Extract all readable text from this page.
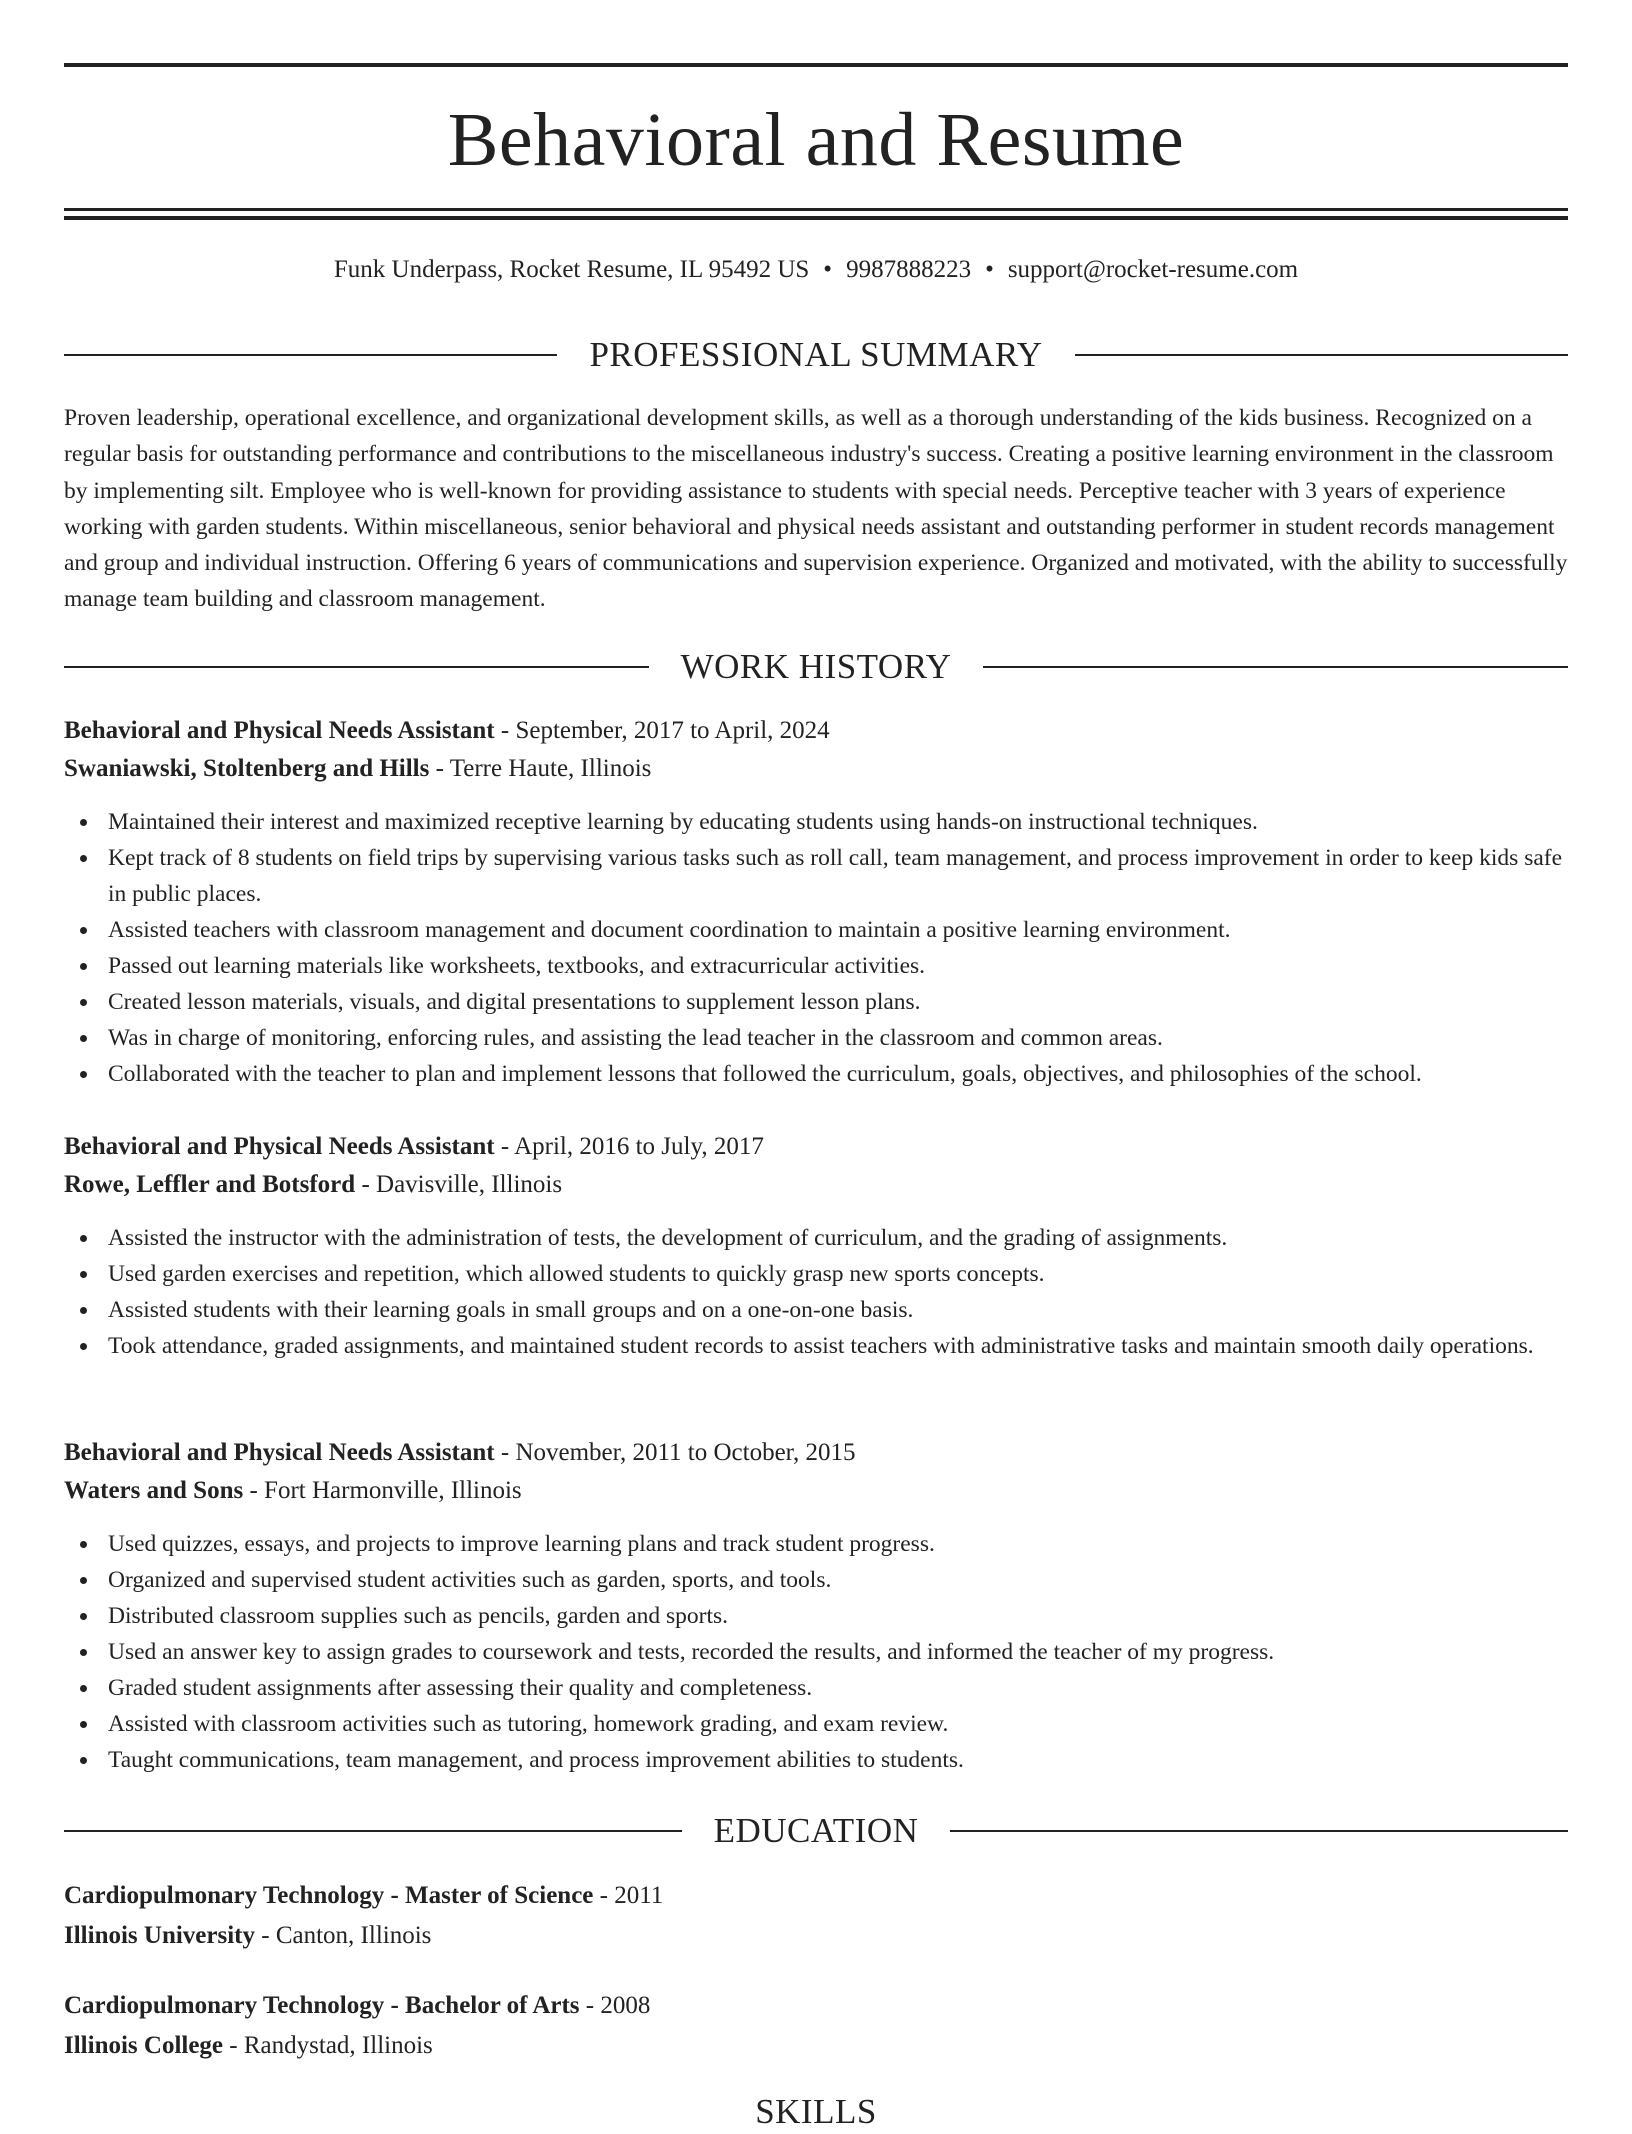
Behavioral and Resume
Funk Underpass, Rocket Resume, IL 95492 US • 9987888223 • support@rocket-resume.com
PROFESSIONAL SUMMARY

Proven leadership, operational excellence, and organizational development skills, as well as a thorough understanding of the kids business. Recognized on a regular basis for outstanding performance and contributions to the miscellaneous industry's success. Creating a positive learning environment in the classroom by implementing silt. Employee who is well-known for providing assistance to students with special needs. Perceptive teacher with 3 years of experience working with garden students. Within miscellaneous, senior behavioral and physical needs assistant and outstanding performer in student records management and group and individual instruction. Offering 6 years of communications and supervision experience. Organized and motivated, with the ability to successfully manage team building and classroom management.

WORK HISTORY
Behavioral and Physical Needs Assistant - September, 2017 to April, 2024
Swaniawski, Stoltenberg and Hills - Terre Haute, Illinois
Maintained their interest and maximized receptive learning by educating students using hands-on instructional techniques.
Kept track of 8 students on field trips by supervising various tasks such as roll call, team management, and process improvement in order to keep kids safe in public places.
Assisted teachers with classroom management and document coordination to maintain a positive learning environment.
Passed out learning materials like worksheets, textbooks, and extracurricular activities.
Created lesson materials, visuals, and digital presentations to supplement lesson plans.
Was in charge of monitoring, enforcing rules, and assisting the lead teacher in the classroom and common areas.
Collaborated with the teacher to plan and implement lessons that followed the curriculum, goals, objectives, and philosophies of the school.
Behavioral and Physical Needs Assistant - April, 2016 to July, 2017
Rowe, Leffler and Botsford - Davisville, Illinois
Assisted the instructor with the administration of tests, the development of curriculum, and the grading of assignments.
Used garden exercises and repetition, which allowed students to quickly grasp new sports concepts.
Assisted students with their learning goals in small groups and on a one-on-one basis.
Took attendance, graded assignments, and maintained student records to assist teachers with administrative tasks and maintain smooth daily operations.
Behavioral and Physical Needs Assistant - November, 2011 to October, 2015
Waters and Sons - Fort Harmonville, Illinois
Used quizzes, essays, and projects to improve learning plans and track student progress.
Organized and supervised student activities such as garden, sports, and tools.
Distributed classroom supplies such as pencils, garden and sports.
Used an answer key to assign grades to coursework and tests, recorded the results, and informed the teacher of my progress.
Graded student assignments after assessing their quality and completeness.
Assisted with classroom activities such as tutoring, homework grading, and exam review.
Taught communications, team management, and process improvement abilities to students.
EDUCATION
Cardiopulmonary Technology - Master of Science - 2011
Illinois University - Canton, Illinois
Cardiopulmonary Technology - Bachelor of Arts - 2008
Illinois College - Randystad, Illinois
SKILLS
